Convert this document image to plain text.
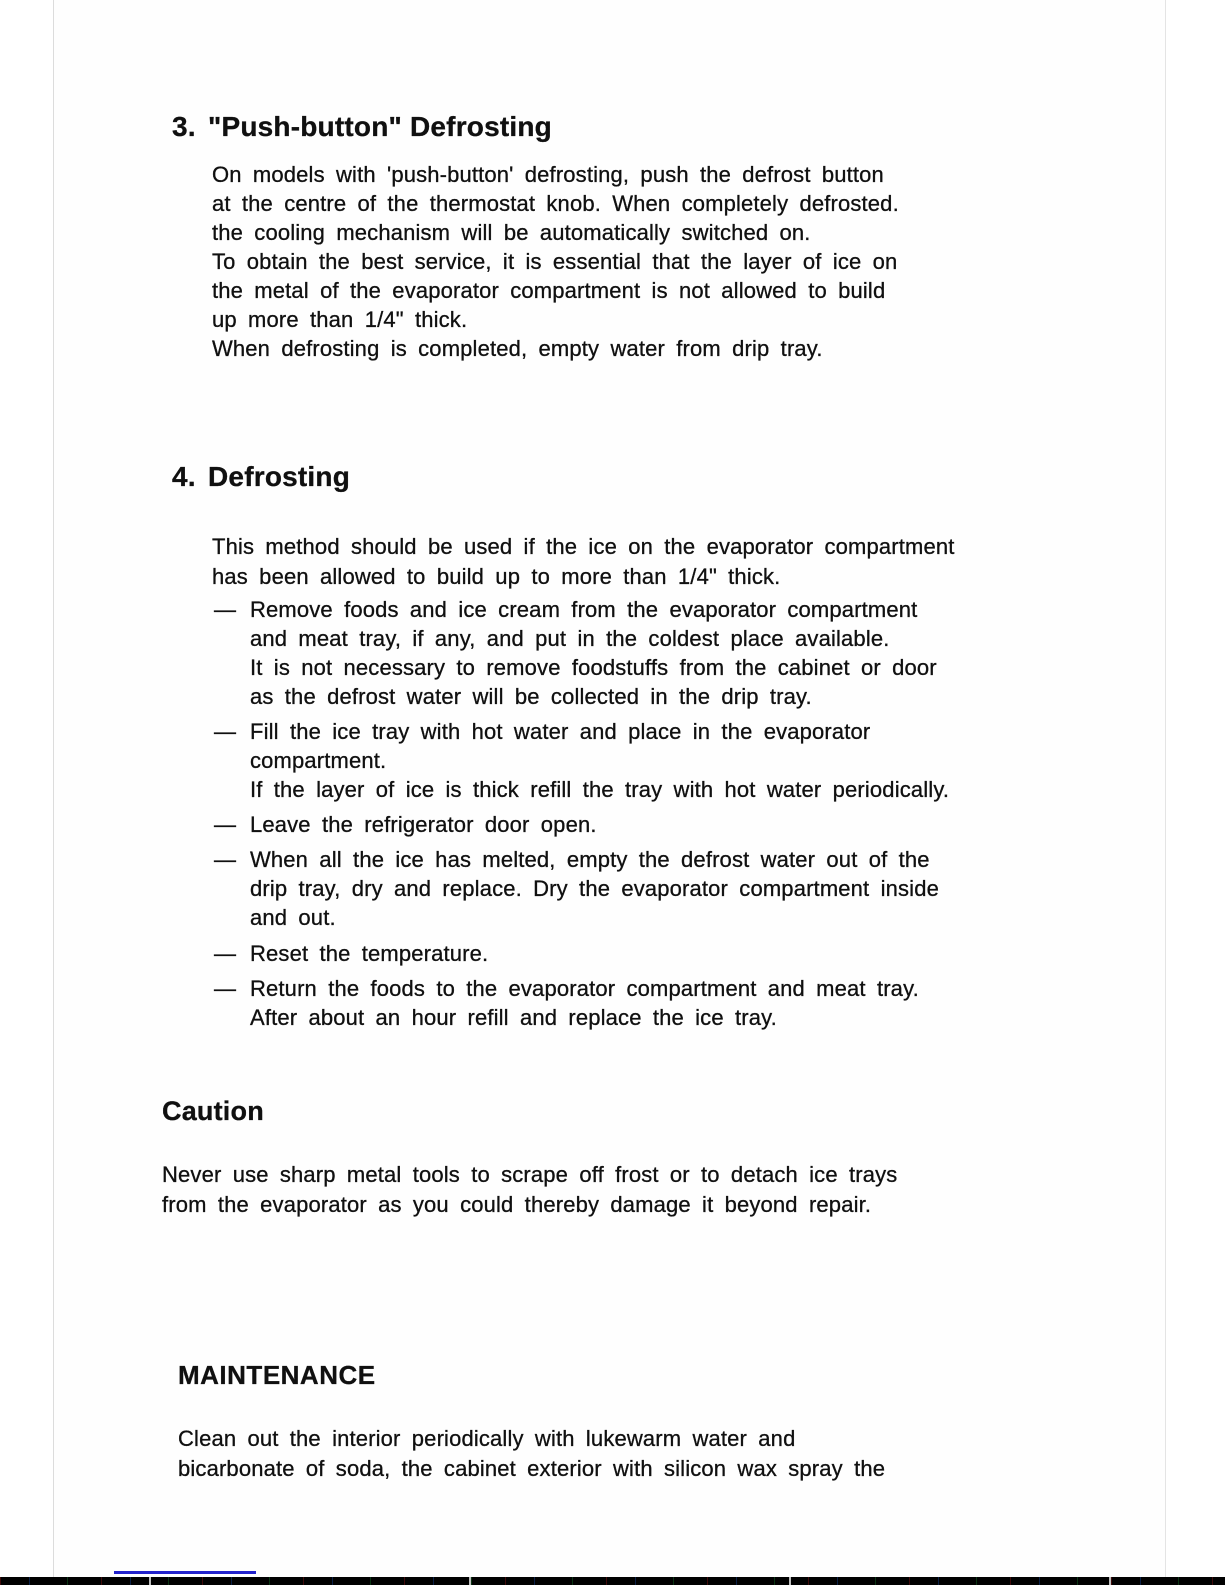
3. "Push-button" Defrosting
On models with 'push-button' defrosting, push the defrost button
at the centre of the thermostat knob. When completely defrosted.
the cooling mechanism will be automatically switched on.
To obtain the best service, it is essential that the layer of ice on
the metal of the evaporator compartment is not allowed to build
up more than 1/4" thick.
When defrosting is completed, empty water from drip tray.
4. Defrosting
This method should be used if the ice on the evaporator compartment
has been allowed to build up to more than 1/4" thick.
— Remove foods and ice cream from the evaporator compartment
and meat tray, if any, and put in the coldest place available.
It is not necessary to remove foodstuffs from the cabinet or door
as the defrost water will be collected in the drip tray.
— Fill the ice tray with hot water and place in the evaporator
compartment.
If the layer of ice is thick refill the tray with hot water periodically.
— Leave the refrigerator door open.
— When all the ice has melted, empty the defrost water out of the
drip tray, dry and replace. Dry the evaporator compartment inside
and out.
— Reset the temperature.
— Return the foods to the evaporator compartment and meat tray.
After about an hour refill and replace the ice tray.
Caution
Never use sharp metal tools to scrape off frost or to detach ice trays
from the evaporator as you could thereby damage it beyond repair.
MAINTENANCE
Clean out the interior periodically with lukewarm water and
bicarbonate of soda, the cabinet exterior with silicon wax spray the
